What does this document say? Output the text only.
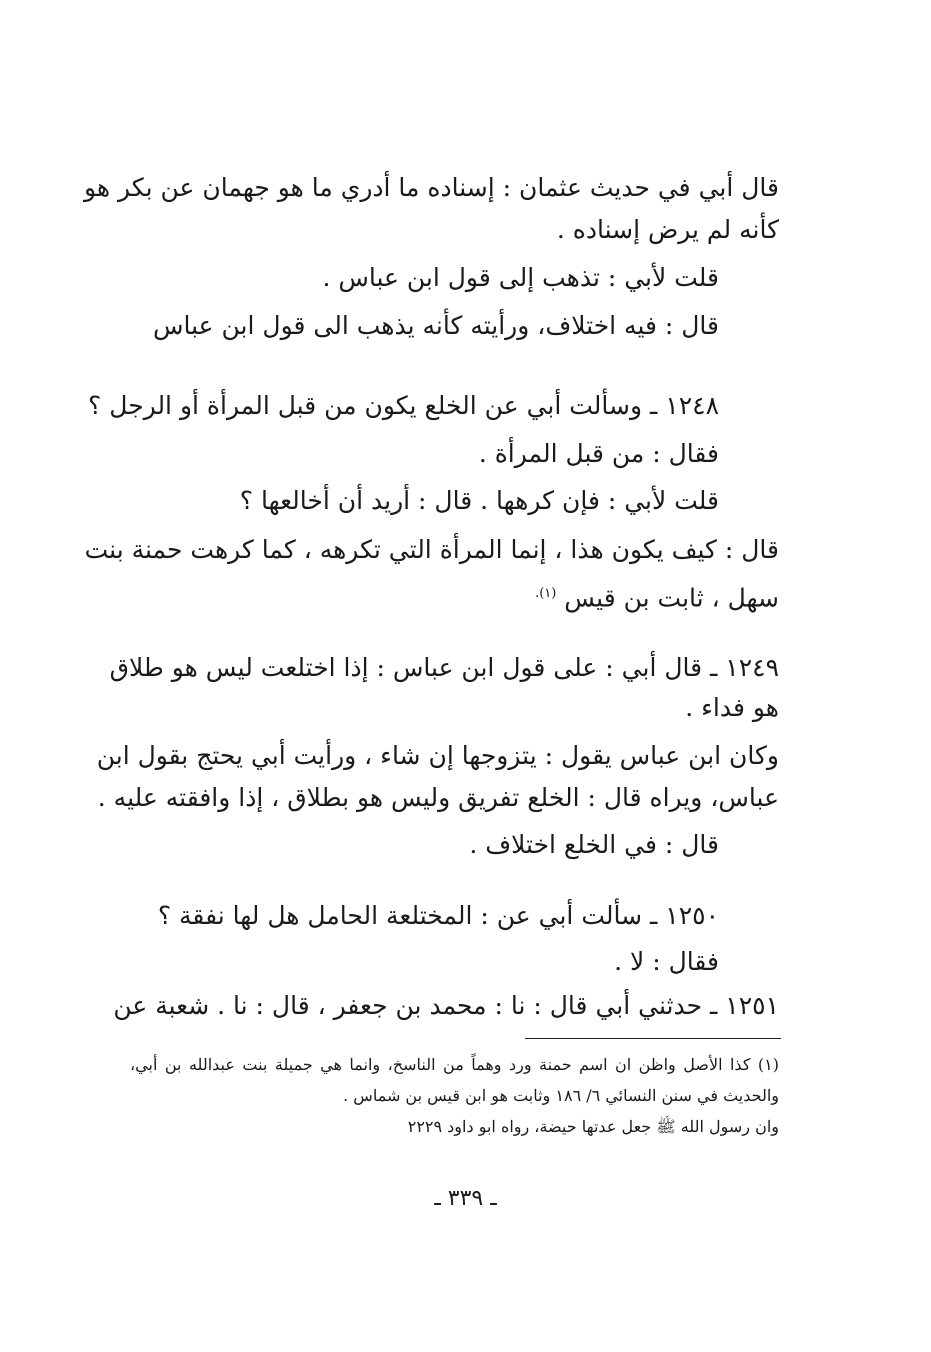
قال أبي في حديث عثمان : إسناده ما أدري ما هو جهمان عن بكر هو
كأنه لم يرض إسناده .
قلت لأبي : تذهب إلى قول ابن عباس .
قال : فيه اختلاف، ورأيته كأنه يذهب الى قول ابن عباس
١٢٤٨ ـ وسألت أبي عن الخلع يكون من قبل المرأة أو الرجل ؟
فقال : من قبل المرأة .
قلت لأبي : فإن كرهها . قال : أريد أن أخالعها ؟
قال : كيف يكون هذا ، إنما المرأة التي تكرهه ، كما كرهت حمنة بنت
سهل ، ثابت بن قيس $^{(١).}$
١٢٤٩ ـ قال أبي : على قول ابن عباس : إذا اختلعت ليس هو طلاق
هو فداء .
وكان ابن عباس يقول : يتزوجها إن شاء ، ورأيت أبي يحتج بقول ابن
عباس، ويراه قال : الخلع تفريق وليس هو بطلاق ، إذا وافقته عليه .
قال : في الخلع اختلاف .
١٢٥٠ ـ سألت أبي عن : المختلعة الحامل هل لها نفقة ؟
فقال : لا .
١٢٥١ ـ حدثني أبي قال : نا : محمد بن جعفر ، قال : نا . شعبة عن
(١) كذا الأصل واظن ان اسم حمنة ورد وهماً من الناسخ، وانما هي جميلة بنت عبدالله بن أبي،
والحديث في سنن النسائي ٦/ ١٨٦ وثابت هو ابن قيس بن شماس .
وان رسول الله ﷺ جعل عدتها حيضة، رواه ابو داود ٢٢٢٩
ـ ٣٣٩ ـ
